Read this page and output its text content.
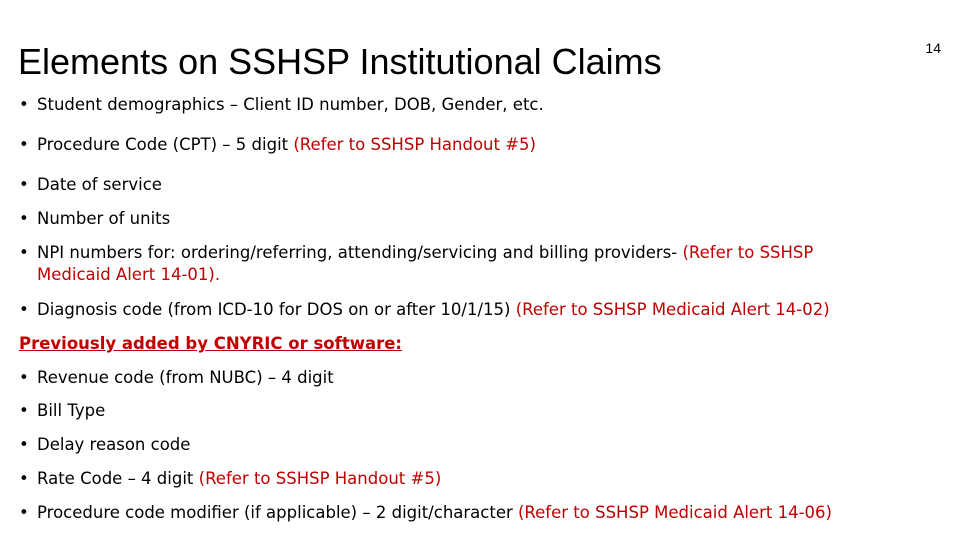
Elements on SSHSP Institutional Claims	14
• Student demographics – Client ID number, DOB, Gender, etc.
• Procedure Code (CPT) – 5 digit (Refer to SSHSP Handout #5)
• Date of service
• Number of units
• NPI numbers for: ordering/referring, attending/servicing and billing providers- (Refer to SSHSP
Medicaid Alert 14-01).
• Diagnosis code (from ICD-10 for DOS on or after 10/1/15) (Refer to SSHSP Medicaid Alert 14-02)
Previously added by CNYRIC or software:
• Revenue code (from NUBC) – 4 digit
• Bill Type
• Delay reason code
• Rate Code – 4 digit (Refer to SSHSP Handout #5)
• Procedure code modifier (if applicable) – 2 digit/character (Refer to SSHSP Medicaid Alert 14-06)
